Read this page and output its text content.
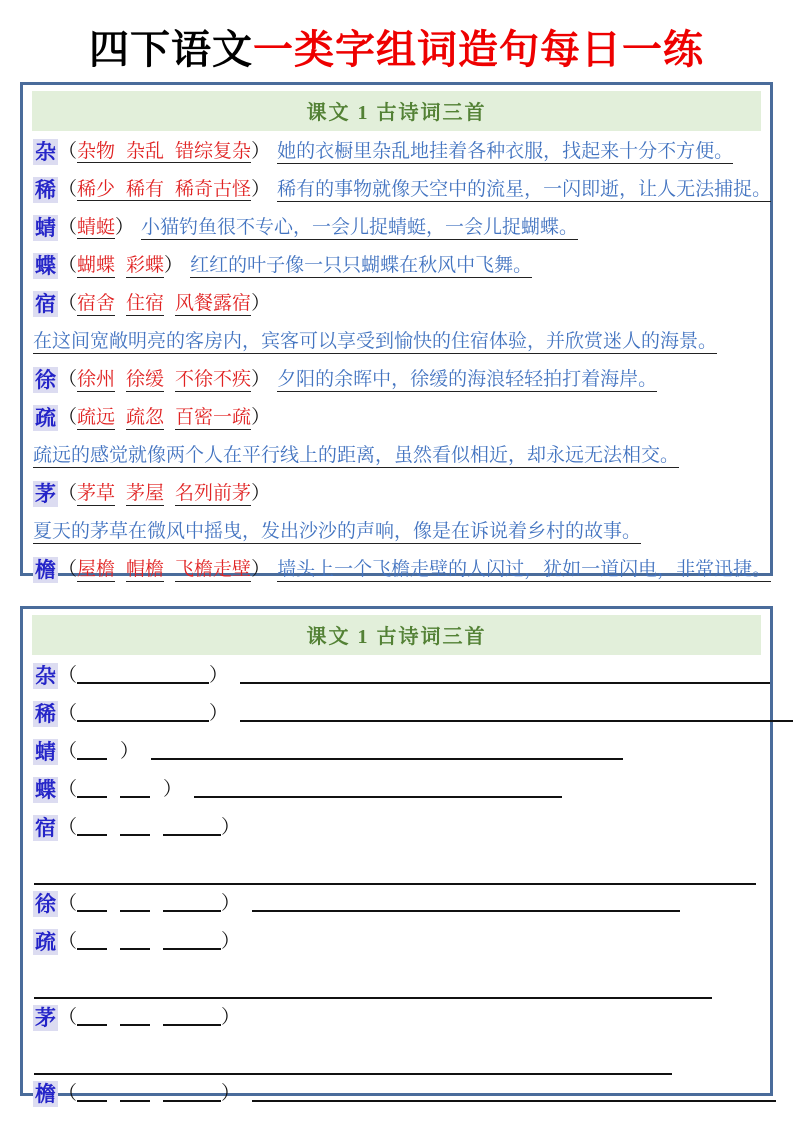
四下语文一类字组词造句每日一练
课文 1 古诗词三首
杂 （杂物 杂乱 错综复杂） 她的衣橱里杂乱地挂着各种衣服，找起来十分不方便。
稀 （稀少 稀有 稀奇古怪） 稀有的事物就像天空中的流星，一闪即逝，让人无法捕捉。
蜻 （蜻蜓） 小猫钓鱼很不专心，一会儿捉蜻蜓，一会儿捉蝴蝶。
蝶 （蝴蝶 彩蝶） 红红的叶子像一只只蝴蝶在秋风中飞舞。
宿 （宿舍 住宿 风餐露宿）
在这间宽敞明亮的客房内，宾客可以享受到愉快的住宿体验，并欣赏迷人的海景。
徐 （徐州 徐缓 不徐不疾） 夕阳的余晖中，徐缓的海浪轻轻拍打着海岸。
疏 （疏远 疏忽 百密一疏）
疏远的感觉就像两个人在平行线上的距离，虽然看似相近，却永远无法相交。
茅 （茅草 茅屋 名列前茅）
夏天的茅草在微风中摇曳，发出沙沙的声响，像是在诉说着乡村的故事。
檐 （屋檐 帽檐 飞檐走壁） 墙头上一个飞檐走壁的人闪过，犹如一道闪电，非常迅捷。
课文 1 古诗词三首
杂 （	）
稀 （	）
蜻 （ ）
蝶 （	）
宿 （	）
徐 （	）
疏 （	）
茅 （	）
檐 （	）
